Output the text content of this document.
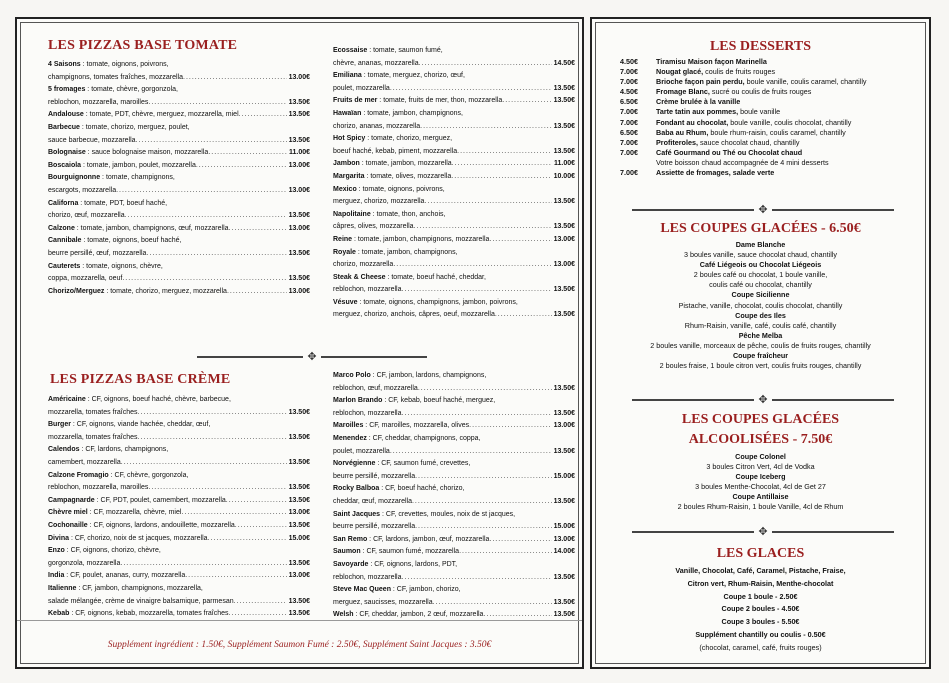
LES PIZZAS BASE TOMATE
4 Saisons : tomate, oignons, poivrons,
champignons, tomates fraîches, mozzarella .....	13.00€
5 fromages : tomate, chèvre, gorgonzola,
reblochon, mozzarella, maroilles .....	13.50€
Andalouse : tomate, PDT, chèvre, merguez, mozzarella, miel .....	13.50€
Barbecue : tomate, chorizo, merguez, poulet,
sauce barbecue, mozzarella .....	13.50€
Bolognaise : sauce bolognaise maison, mozzarella .....	11.00€
Boscaiola : tomate, jambon, poulet, mozzarella .....	13.00€
Bourguignonne : tomate, champignons,
escargots, mozzarella .....	13.00€
Californa : tomate, PDT, boeuf haché,
chorizo, œuf, mozzarella .....	13.50€
Calzone : tomate, jambon, champignons, œuf, mozzarella .....	13.00€
Cannibale : tomate, oignons, boeuf haché,
beurre persillé, œuf, mozzarella .....	13.50€
Cauterets : tomate, oignons, chèvre,
coppa, mozzarella, oeuf .....	13.50€
Chorizo/Merguez : tomate, chorizo, merguez, mozzarella .....	13.00€
Ecossaise : tomate, saumon fumé,
chèvre, ananas, mozzarella .....	14.50€
Emiliana : tomate, merguez, chorizo, œuf,
poulet, mozzarella .....	13.50€
Fruits de mer : tomate, fruits de mer, thon, mozzarella .....	13.50€
Hawaïan : tomate, jambon, champignons,
chorizo, ananas, mozzarella .....	13.50€
Hot Spicy : tomate, chorizo, merguez,
boeuf haché, kebab, piment, mozzarella .....	13.50€
Jambon : tomate, jambon, mozzarella .....	11.00€
Margarita : tomate, olives, mozzarella .....	10.00€
Mexico : tomate, oignons, poivrons,
merguez, chorizo, mozzarella .....	13.50€
Napolitaine : tomate, thon, anchois,
câpres, olives, mozzarella .....	13.50€
Reine : tomate, jambon, champignons, mozzarella .....	13.00€
Royale : tomate, jambon, champignons,
chorizo, mozzarella .....	13.00€
Steak & Cheese : tomate, boeuf haché, cheddar,
reblochon, mozzarella .....	13.50€
Vésuve : tomate, oignons, champignons, jambon, poivrons,
merguez, chorizo, anchois, câpres, oeuf, mozzarella .....	13.50€
✥
LES PIZZAS BASE CRÈME
Américaine : CF, oignons, boeuf haché, chèvre, barbecue,
mozzarella, tomates fraîches .....	13.50€
Burger : CF, oignons, viande hachée, cheddar, œuf,
mozzarella, tomates fraîches .....	13.50€
Calendos : CF, lardons, champignons,
camembert, mozzarella .....	13.50€
Calzone Fromagio : CF, chèvre, gorgonzola,
reblochon, mozzarella, maroilles .....	13.50€
Campagnarde : CF, PDT, poulet, camembert, mozzarella .....	13.50€
Chèvre miel : CF, mozzarella, chèvre, miel .....	13.00€
Cochonaille : CF, oignons, lardons, andouillette, mozzarella .....	13.50€
Divina : CF, chorizo, noix de st jacques, mozzarella .....	15.00€
Enzo : CF, oignons, chorizo, chèvre,
gorgonzola, mozzarella .....	13.50€
India : CF, poulet, ananas, curry, mozzarella .....	13.00€
Italienne : CF, jambon, champignons, mozzarella,
salade mélangée, crème de vinaigre balsamique, parmesan .....	13.50€
Kebab : CF, oignons, kebab, mozzarella, tomates fraîches .....	13.50€
Marco Polo : CF, jambon, lardons, champignons,
reblochon, œuf, mozzarella .....	13.50€
Marlon Brando : CF, kebab, boeuf haché, merguez,
reblochon, mozzarella .....	13.50€
Maroilles : CF, maroilles, mozzarella, olives .....	13.00€
Menendez : CF, cheddar, champignons, coppa,
poulet, mozzarella .....	13.50€
Norvégienne : CF, saumon fumé, crevettes,
beurre persillé, mozzarella .....	15.00€
Rocky Balboa : CF, boeuf haché, chorizo,
cheddar, œuf, mozzarella .....	13.50€
Saint Jacques : CF, crevettes, moules, noix de st jacques,
beurre persillé, mozzarella .....	15.00€
San Remo : CF, lardons, jambon, œuf, mozzarella .....	13.00€
Saumon : CF, saumon fumé, mozzarella .....	14.00€
Savoyarde : CF, oignons, lardons, PDT,
reblochon, mozzarella .....	13.50€
Steve Mac Queen : CF, jambon, chorizo,
merguez, saucisses, mozzarella .....	13.50€
Welsh : CF, cheddar, jambon, 2 œuf, mozzarella .....	13.50€
Supplément ingrédient : 1.50€, Supplément Saumon Fumé : 2.50€, Supplément Saint Jacques : 3.50€
LES DESSERTS
4.50€	Tiramisu Maison façon Marinella
7.00€	Nougat glacé, coulis de fruits rouges
7.00€	Brioche façon pain perdu, boule vanille, coulis caramel, chantilly
4.50€	Fromage Blanc, sucré ou coulis de fruits rouges
6.50€	Crème brulée à la vanille
7.00€	Tarte tatin aux pommes, boule vanille
7.00€	Fondant au chocolat, boule vanille, coulis chocolat, chantilly
6.50€	Baba au Rhum, boule rhum-raisin, coulis caramel, chantilly
7.00€	Profiteroles, sauce chocolat chaud, chantilly
7.00€	Café Gourmand ou Thé ou Chocolat chaud
Votre boisson chaud accompagnée de 4 mini desserts
7.00€	Assiette de fromages, salade verte
✥
LES COUPES GLACÉES - 6.50€
Dame Blanche
3 boules vanille, sauce chocolat chaud, chantilly
Café Liégeois ou Chocolat Liégeois
2 boules café ou chocolat, 1 boule vanille,
coulis café ou chocolat, chantilly
Coupe Sicilienne
Pistache, vanille, chocolat, coulis chocolat, chantilly
Coupe des Iles
Rhum-Raisin, vanille, café, coulis café, chantilly
Pêche Melba
2 boules vanille, morceaux de pêche, coulis de fruits rouges, chantilly
Coupe fraîcheur
2 boules fraise, 1 boule citron vert, coulis fruits rouges, chantilly
✥
LES COUPES GLACÉES
ALCOOLISÉES - 7.50€
Coupe Colonel
3 boules Citron Vert, 4cl de Vodka
Coupe Iceberg
3 boules Menthe-Chocolat, 4cl de Get 27
Coupe Antillaise
2 boules Rhum-Raisin, 1 boule Vanille, 4cl de Rhum
✥
LES GLACES
Vanille, Chocolat, Café, Caramel, Pistache, Fraise,
Citron vert, Rhum-Raisin, Menthe-chocolat
Coupe 1 boule - 2.50€
Coupe 2 boules - 4.50€
Coupe 3 boules - 5.50€
Supplément chantilly ou coulis - 0.50€
(chocolat, caramel, café, fruits rouges)
